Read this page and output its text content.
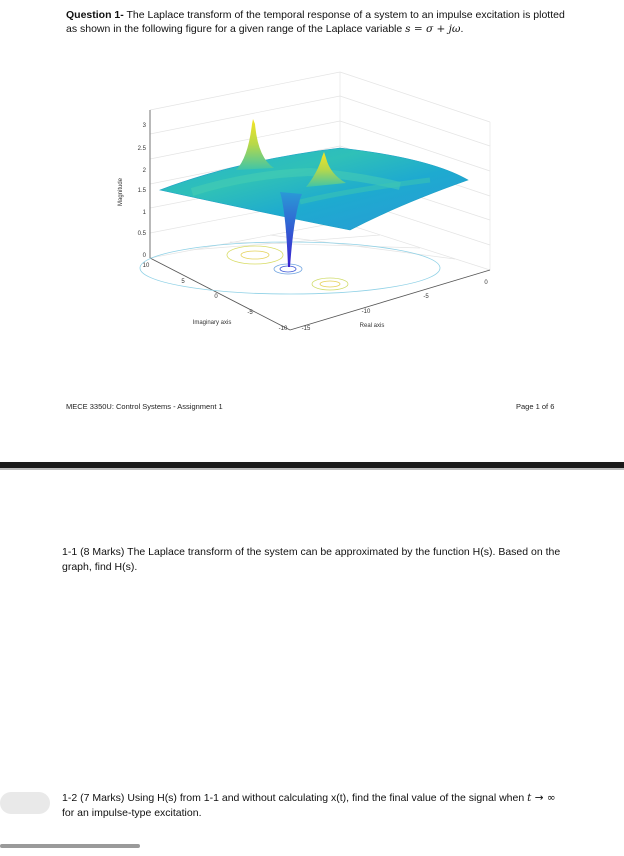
Question 1- The Laplace transform of the temporal response of a system to an impulse excitation is plotted as shown in the following figure for a given range of the Laplace variable s = σ + jω.
3
2.5
2
1.5
1
0.5
0
Magnitude
10
5
0
-5
-10
Imaginary axis
0
-5
-10
-15	Real axis
MECE 3350U: Control Systems - Assignment 1	Page 1 of 6
1-1 (8 Marks) The Laplace transform of the system can be approximated by the function H(s). Based on the graph, find H(s).
1-2 (7 Marks) Using H(s) from 1-1 and without calculating x(t), find the final value of the signal when t → ∞ for an impulse-type excitation.
